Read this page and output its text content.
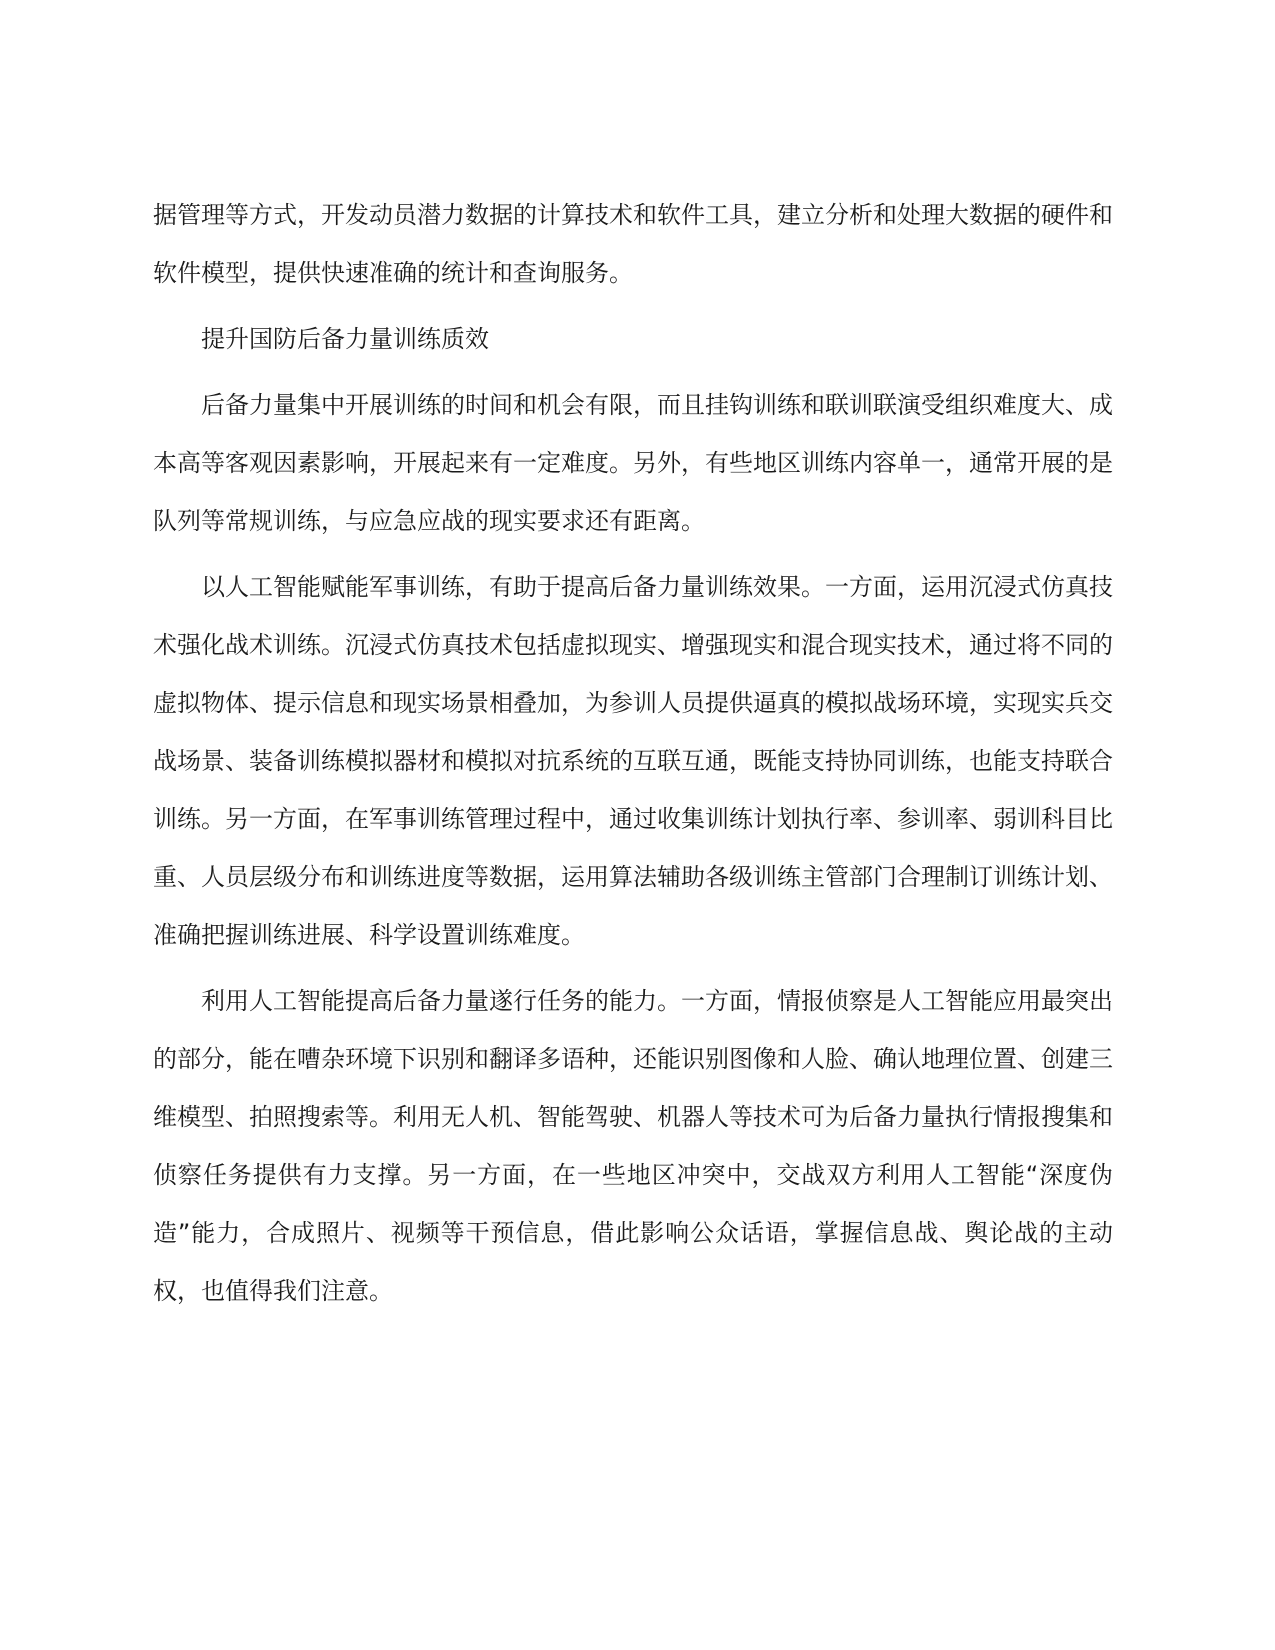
据管理等方式，开发动员潜力数据的计算技术和软件工具，建立分析和处理大数据的硬件和软件模型，提供快速准确的统计和查询服务。

提升国防后备力量训练质效

后备力量集中开展训练的时间和机会有限，而且挂钩训练和联训联演受组织难度大、成本高等客观因素影响，开展起来有一定难度。另外，有些地区训练内容单一，通常开展的是队列等常规训练，与应急应战的现实要求还有距离。

以人工智能赋能军事训练，有助于提高后备力量训练效果。一方面，运用沉浸式仿真技术强化战术训练。沉浸式仿真技术包括虚拟现实、增强现实和混合现实技术，通过将不同的虚拟物体、提示信息和现实场景相叠加，为参训人员提供逼真的模拟战场环境，实现实兵交战场景、装备训练模拟器材和模拟对抗系统的互联互通，既能支持协同训练，也能支持联合训练。另一方面，在军事训练管理过程中，通过收集训练计划执行率、参训率、弱训科目比重、人员层级分布和训练进度等数据，运用算法辅助各级训练主管部门合理制订训练计划、准确把握训练进展、科学设置训练难度。

利用人工智能提高后备力量遂行任务的能力。一方面，情报侦察是人工智能应用最突出的部分，能在嘈杂环境下识别和翻译多语种，还能识别图像和人脸、确认地理位置、创建三维模型、拍照搜索等。利用无人机、智能驾驶、机器人等技术可为后备力量执行情报搜集和侦察任务提供有力支撑。另一方面，在一些地区冲突中，交战双方利用人工智能“深度伪造”能力，合成照片、视频等干预信息，借此影响公众话语，掌握信息战、舆论战的主动权，也值得我们注意。
